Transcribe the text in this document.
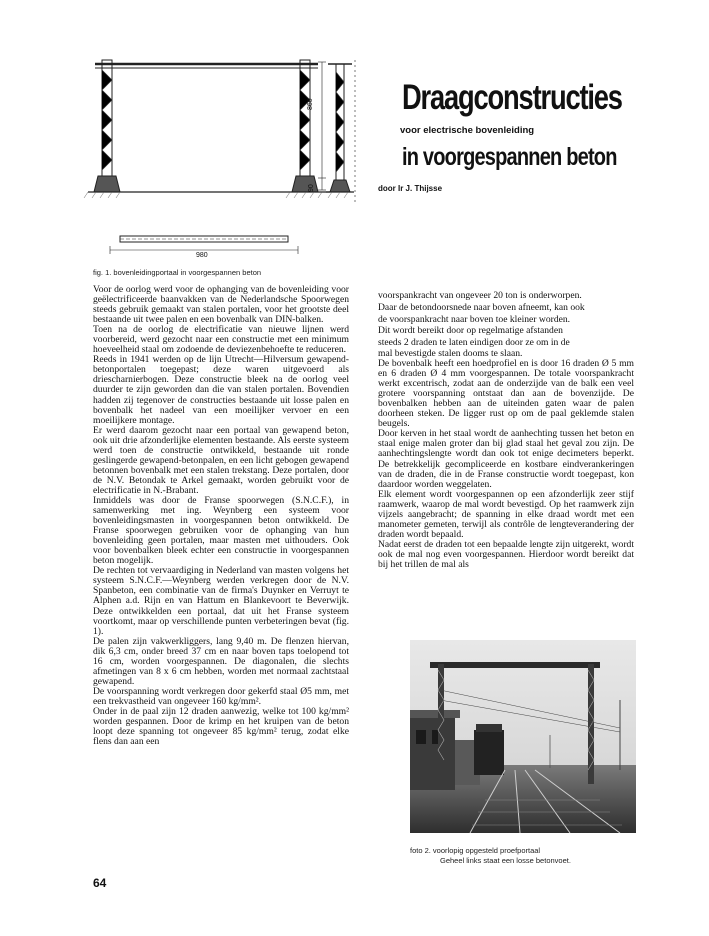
860
90
980
Draagconstructies
voor electrische bovenleiding
in voorgespannen beton
door Ir J. Thijsse
fig. 1. bovenleidingportaal in voorgespannen beton

Voor de oorlog werd voor de ophanging van de bovenleiding voor geëlectrificeerde baanvakken van de Nederlandsche Spoorwegen steeds gebruik gemaakt van stalen portalen, voor het grootste deel bestaande uit twee palen en een bovenbalk van DIN-balken.

Toen na de oorlog de electrificatie van nieuwe lijnen werd voorbereid, werd gezocht naar een constructie met een minimum hoeveelheid staal om zodoende de deviezenbehoefte te reduceren.

Reeds in 1941 werden op de lijn Utrecht—Hilversum gewapend-betonportalen toegepast; deze waren uitgevoerd als driescharnierbogen. Deze constructie bleek na de oorlog veel duurder te zijn geworden dan die van stalen portalen. Bovendien hadden zij tegenover de constructies bestaande uit losse palen en bovenbalk het nadeel van een moeilijker vervoer en een moeilijkere montage.

Er werd daarom gezocht naar een portaal van gewapend beton, ook uit drie afzonderlijke elementen bestaande. Als eerste systeem werd toen de constructie ontwikkeld, bestaande uit ronde geslingerde gewapend-betonpalen, en een licht gebogen gewapend betonnen bovenbalk met een stalen trekstang. Deze portalen, door de N.V. Betondak te Arkel gemaakt, worden gebruikt voor de electrificatie in N.-Brabant.

Inmiddels was door de Franse spoorwegen (S.N.C.F.), in samenwerking met ing. Weynberg een systeem voor bovenleidingsmasten in voorgespannen beton ontwikkeld. De Franse spoorwegen gebruiken voor de ophanging van hun bovenleiding geen portalen, maar masten met uithouders. Ook voor bovenbalken bleek echter een constructie in voorgespannen beton mogelijk.

De rechten tot vervaardiging in Nederland van masten volgens het systeem S.N.C.F.—Weynberg werden verkregen door de N.V. Spanbeton, een combinatie van de firma's Duynker en Verruyt te Alphen a.d. Rijn en van Hattum en Blankevoort te Beverwijk. Deze ontwikkelden een portaal, dat uit het Franse systeem voortkomt, maar op verschillende punten verbeteringen bevat (fig. 1).

De palen zijn vakwerkliggers, lang 9,40 m. De flenzen hiervan, dik 6,3 cm, onder breed 37 cm en naar boven taps toelopend tot 16 cm, worden voorgespannen. De diagonalen, die slechts afmetingen van 8 x 6 cm hebben, worden met normaal zachtstaal gewapend.

De voorspanning wordt verkregen door gekerfd staal Ø5 mm, met een trekvastheid van ongeveer 160 kg/mm².

Onder in de paal zijn 12 draden aanwezig, welke tot 100 kg/mm² worden gespannen. Door de krimp en het kruipen van de beton loopt deze spanning tot ongeveer 85 kg/mm² terug, zodat elke flens dan aan een

voorspankracht van ongeveer 20 ton is onderworpen.

Daar de betondoorsnede naar boven afneemt, kan ook

de voorspankracht naar boven toe kleiner worden.

Dit wordt bereikt door op regelmatige afstanden

steeds 2 draden te laten eindigen door ze om in de

mal bevestigde stalen dooms te slaan.

De bovenbalk heeft een hoedprofiel en is door 16 draden Ø 5 mm en 6 draden Ø 4 mm voorgespannen. De totale voorspankracht werkt excentrisch, zodat aan de onderzijde van de balk een veel grotere voorspanning ontstaat dan aan de bovenzijde. De bovenbalken hebben aan de uiteinden gaten waar de palen doorheen steken. De ligger rust op om de paal geklemde stalen beugels.

Door kerven in het staal wordt de aanhechting tussen het beton en staal enige malen groter dan bij glad staal het geval zou zijn. De aanhechtingslengte wordt dan ook tot enige decimeters beperkt. De betrekkelijk gecompliceerde en kostbare eindverankeringen van de draden, die in de Franse constructie wordt toegepast, kon daardoor worden weggelaten.

Elk element wordt voorgespannen op een afzonderlijk zeer stijf raamwerk, waarop de mal wordt bevestigd. Op het raamwerk zijn vijzels aangebracht; de spanning in elke draad wordt met een manometer gemeten, terwijl als contrôle de lengteverandering der draden wordt bepaald.

Nadat eerst de draden tot een bepaalde lengte zijn uitgerekt, wordt ook de mal nog even voorgespannen. Hierdoor wordt bereikt dat bij het trillen de mal als

foto 2. voorlopig opgesteld proefportaal
Geheel links staat een losse betonvoet.
64
